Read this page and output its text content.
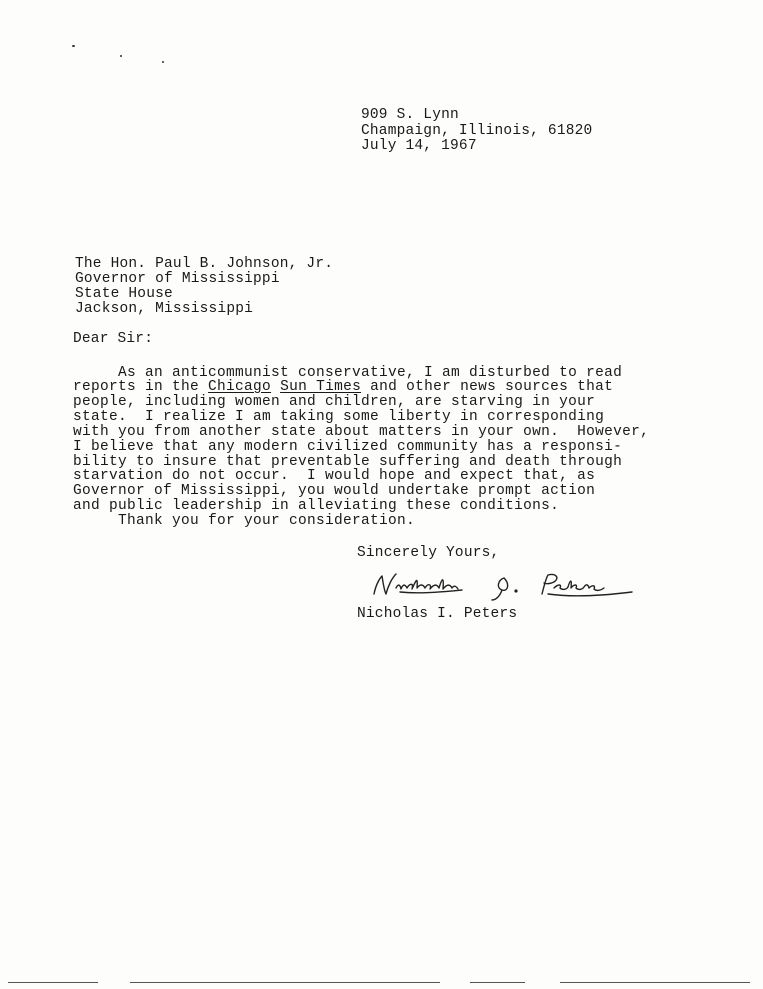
909 S. Lynn
Champaign, Illinois, 61820
July 14, 1967
The Hon. Paul B. Johnson, Jr.
Governor of Mississippi
State House
Jackson, Mississippi
Dear Sir:
As an anticommunist conservative, I am disturbed to read
reports in the Chicago Sun Times and other news sources that
people, including women and children, are starving in your
state.  I realize I am taking some liberty in corresponding
with you from another state about matters in your own.  However,
I believe that any modern civilized community has a responsi-
bility to insure that preventable suffering and death through
starvation do not occur.  I would hope and expect that, as
Governor of Mississippi, you would undertake prompt action
and public leadership in alleviating these conditions.
Thank you for your consideration.
Sincerely Yours,
Nicholas I. Peters
